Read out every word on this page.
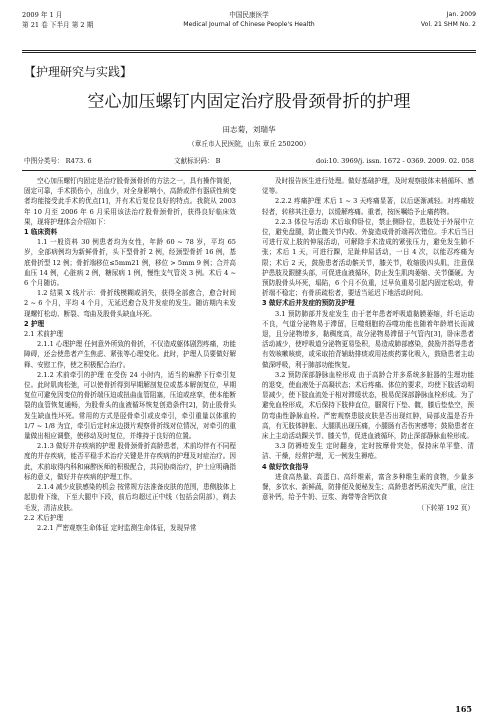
2009 年 1 月
第 21 卷 下半月 第 2 期
中国民康医学
Medical Journal of Chinese People's Health
Jan. 2009
Vol. 21 SHM No. 2
【护理研究与实践】
空心加压螺钉内固定治疗股骨颈骨折的护理
田志菊，刘瑞华
（章丘市人民医院，山东 章丘 250200）
中图分类号： R473. 6	文献标识码： B	doi:10. 3969/j. issn. 1672 - 0369. 2009. 02. 058

空心加压螺钉内固定是治疗股骨颈骨折的方法之一，具有操作简便，固定可靠，手术损伤小，出血少，对全身影响小，高龄或伴有器质性病变者均能接受此手术的优点[1]，并有术后复位良好的特点。我院从 2003 年 10 月至 2006 年 6 月采用该法治疗股骨颈骨折，获得良好临床效果，现将护理体会介绍如下：

1 临床资料

1.1 一般资料 30 例患者均为女性，年龄 60 ~ 78 岁，平均 65 岁，全部病例均为新鲜骨折，头下型骨折 2 例，经颈型骨折 16 例，基底骨折型 12 例；骨折端移位≤5mm21 例，移位 > 5mm 9 例；合并高血压 14 例，心脏病 2 例，糖尿病 1 例，慢性支气管炎 3 例。术后 4 ~ 6 个月随访。

1.2 结果 X 线片示：骨折线模糊或消失，获得全部愈合，愈合时间 2 ~ 6 个月，平均 4 个月，无延迟愈合及并发症的发生。随访期内未发现螺钉松动、断裂、弯曲及股骨头缺血坏死。

2 护理

2.1 术前护理

2.1.1 心理护理 任何意外所致的骨折，不仅造成躯体剧烈疼痛，功能障碍，还会使患者产生焦虑、紧张等心理变化。此时，护理人员要做好解释、安慰工作，使之积极配合治疗。

2.1.2 术前牵引的护理 在受伤 24 小时内，适当的麻醉下行牵引复位。此时肌肉松弛，可以使骨折得到早期解剖复位或基本解剖复位，早期复位可避免因变位的骨折端压迫或扭曲血管阻塞，压迫或痉挛，使本能断裂的血管恢复通畅，为股骨头的血液循环恢复创造条件[2]，防止股骨头发生缺血性坏死。常用的方式是胫骨牵引或皮牵引，牵引重量以体重的 1/7 ~ 1/8 为宜，牵引后定时床边摄片观察骨折线对位情况，对牵引的重量做出相应调整，使移动及时复位，并维持于良好的位置。

2.1.3 做好并存疾病的护理 股骨颈骨折高龄患者，术前均伴有不同程度的并存疾病，能否平稳手术治疗关键是并存疾病的护理及对症治疗。因此，术前取得内科和麻醉医师的积极配合，共同协商治疗，护士应明确指标的意义，做好并存疾病的护理工作。

2.1.4 减少皮肤感染的机会 按常规方法准备皮肤的范围，患侧肢体上起肋骨下缘，下至大腿中下段，前后均超过正中线（包括会阴部），剃去毛发，清洁皮肤。

2.2 术后护理

2.2.1 严密观察生命体征 定时监测生命体征，发现异常

及时报告医生进行处理。做好基础护理，及时观察肢体末梢循环、感觉等。

2.2.2 疼痛护理 术后 1 ~ 3 天疼痛显著，以后逐渐减轻。对疼痛较轻者，转移其注意力，以缓解疼痛。重者，按医嘱给予止痛药物。

2.2.3 体位与活动 术后取仰卧位，禁止侧卧位，患肢处于外展中立位，避免盘腿，防止髋关节内收、外旋造成骨折端再次错位。手术后当日可进行双上肢的伸展活动，可解除手术造成的紧张压力，避免发生肺不张；术后 1 天，可进行踝，足趾伸屈活动，一日 4 次，以能忍疼痛为限；术后 2 天，鼓励患者活动髌关节，膝关节，收缩股四头肌，注意保护患肢及跟腱头部，可促进血液循环，防止发生肌肉萎缩、关节僵硬。为预防股骨头坏死，塌陷，6 个月不负重，过早负重易引起内固定松动，骨折端不稳定；有骨质疏松者，要适当延迟下地活动时间。

3 做好术后并发症的预防及护理

3.1 预防肺部并发症发生 由于老年患者呼吸道黏膜萎缩，纤毛运动不良，气道分泌物易于滞留，巨噬细胞的吞噬功能也随着年龄增长而减退，且分泌物增多，黏稠度高，故分泌物易滞留于气管内[3]，卧床患者活动减少，使呼吸道分泌物更易坠积，易造成肺部感染，鼓励并指导患者有效咳嗽咳痰，或采取拍背辅助排痰或用祛痰药雾化吸入，鼓励患者主动做深呼吸，利于肺部功能恢复。

3.2 预防深部静脉血栓形成 由于高龄合并多系统多脏器的生理功能的退变，使血液处于高凝状态；术后疼痛、体位的要求，均使下肢活动明显减少，使下肢血流处于相对滞缓状态，极易促深部静脉血栓形成。为了避免血栓形成，术后保持下肢伸直位，腘窝行下垫、髋，膝后垫垫空，预防弯曲性静脉血栓。严密观察患肢皮肤是否出现红肿，局部皮温是否升高，有无肢体肿胀、大腿肌出现压痛，小腿肠有否伤害感等；鼓励患者在床上主动活动踝关节、膝关节，促进血液循环，防止深部静脉血栓形成。

3.3 防褥疮发生 定时翻身，定时按摩骨突处，保持床单平整、清洁、干燥，经常护理，无一例发生褥疮。

4 做好饮食指导

进食高热量、高蛋白、高纤维素，富含多种维生素的食物，少量多餐，多饮水、新鲜蔬，防排便及便秘发生；高龄患者钙质流失严重，应注意补钙，给予牛奶、豆浆、海带等含钙饮食

（下转第 192 页）

165
